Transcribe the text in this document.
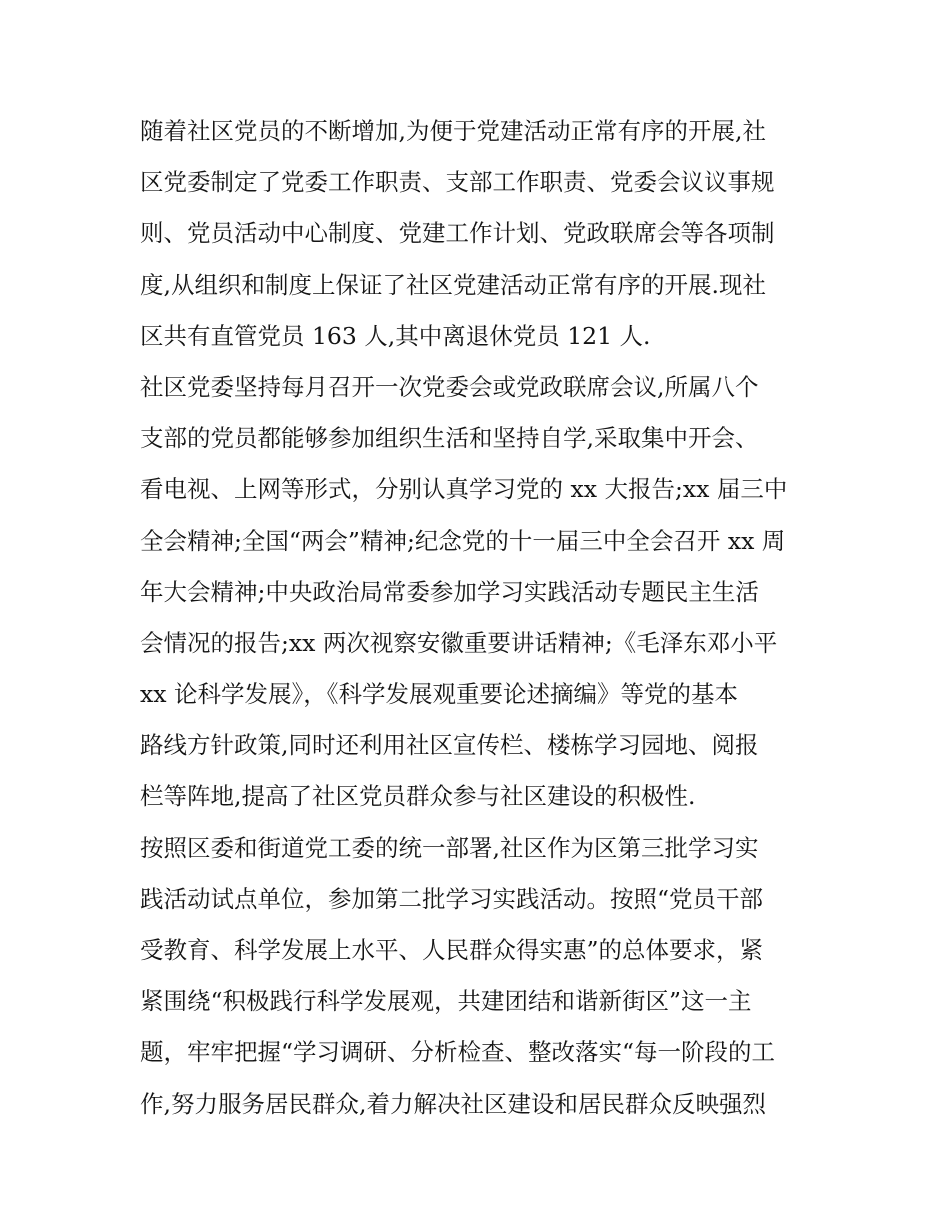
随着社区党员的不断增加,为便于党建活动正常有序的开展,社
区党委制定了党委工作职责、支部工作职责、党委会议议事规
则、党员活动中心制度、党建工作计划、党政联席会等各项制
度,从组织和制度上保证了社区党建活动正常有序的开展.现社
区共有直管党员 163 人,其中离退休党员 121 人.
社区党委坚持每月召开一次党委会或党政联席会议,所属八个
支部的党员都能够参加组织生活和坚持自学,采取集中开会、
看电视、上网等形式，分别认真学习党的 xx 大报告;xx 届三中
全会精神;全国“两会”精神;纪念党的十一届三中全会召开 xx 周
年大会精神;中央政治局常委参加学习实践活动专题民主生活
会情况的报告;xx 两次视察安徽重要讲话精神;《毛泽东邓小平
xx 论科学发展》，《科学发展观重要论述摘编》等党的基本
路线方针政策,同时还利用社区宣传栏、楼栋学习园地、阅报
栏等阵地,提高了社区党员群众参与社区建设的积极性.
按照区委和街道党工委的统一部署,社区作为区第三批学习实
践活动试点单位，参加第二批学习实践活动。按照“党员干部
受教育、科学发展上水平、人民群众得实惠”的总体要求，紧
紧围绕“积极践行科学发展观，共建团结和谐新街区”这一主
题，牢牢把握“学习调研、分析检查、整改落实“每一阶段的工
作,努力服务居民群众,着力解决社区建设和居民群众反映强烈
